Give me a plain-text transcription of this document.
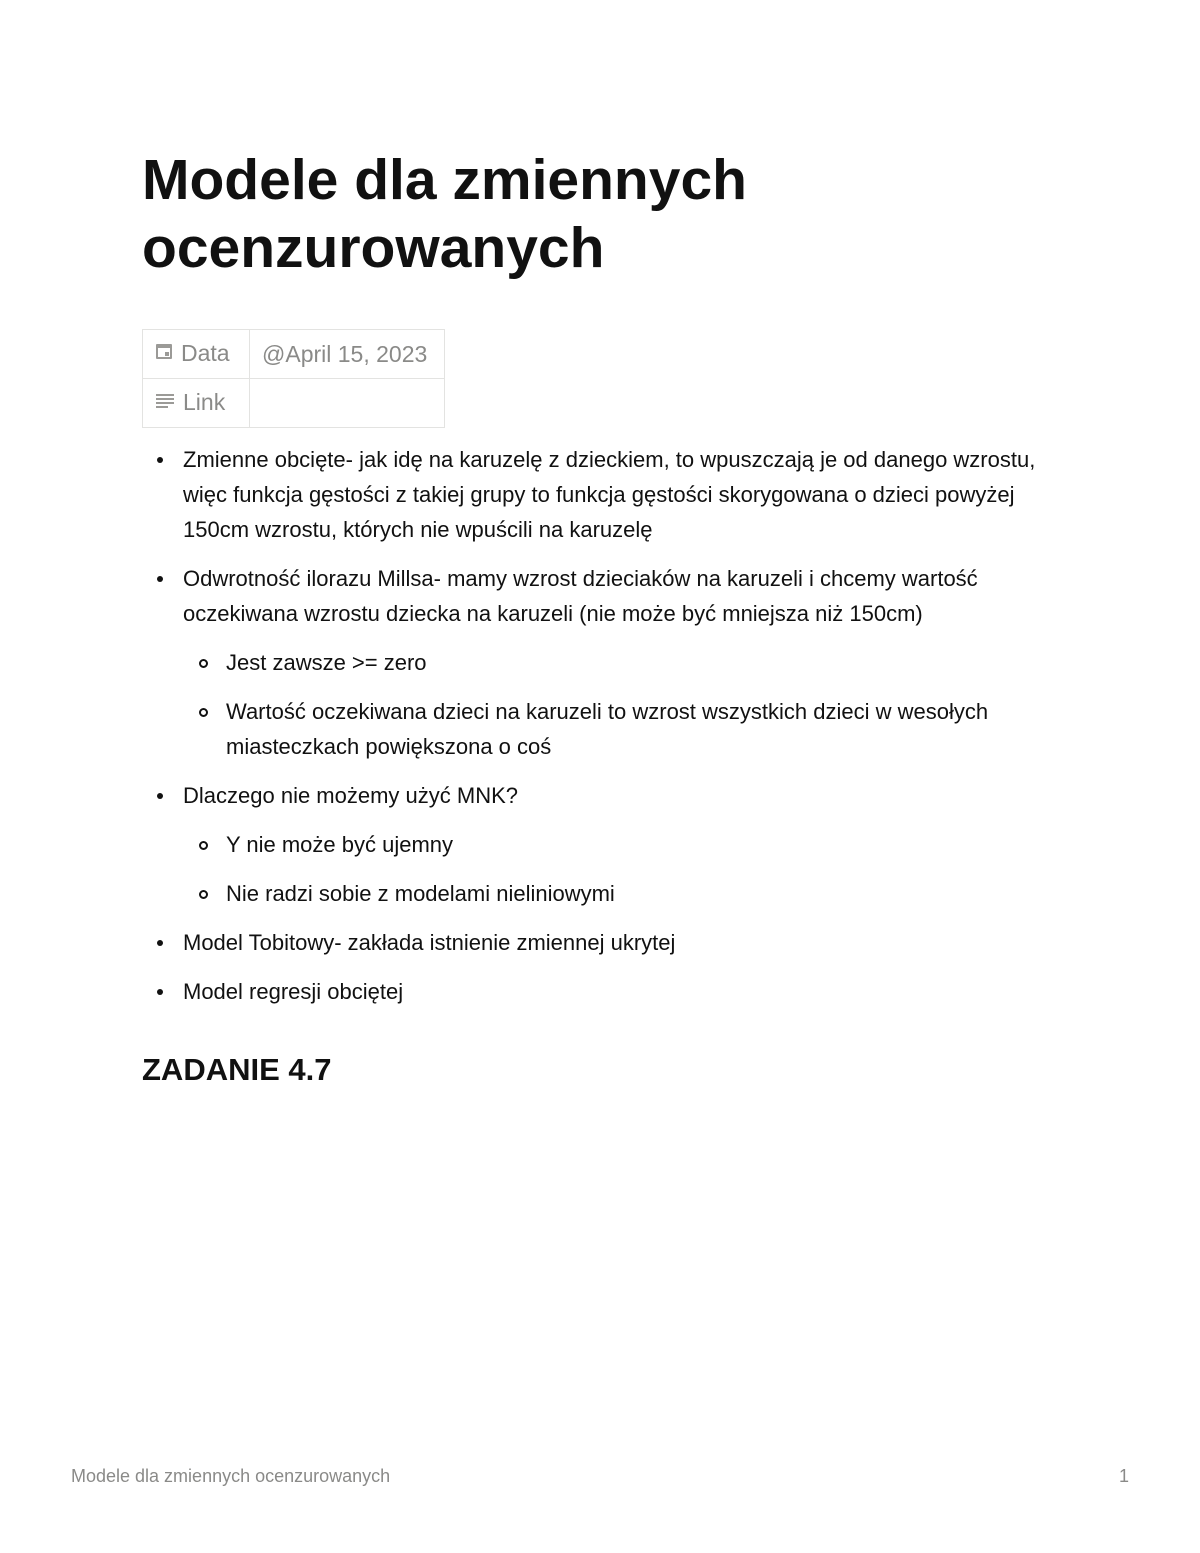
Modele dla zmiennych ocenzurowanych
Data	@April 15, 2023
Link	
Zmienne obcięte- jak idę na karuzelę z dzieckiem, to wpuszczają je od danego wzrostu, więc funkcja gęstości z takiej grupy to funkcja gęstości skorygowana o dzieci powyżej 150cm wzrostu, których nie wpuścili na karuzelę
Odwrotność ilorazu Millsa- mamy wzrost dzieciaków na karuzeli i chcemy wartość oczekiwana wzrostu dziecka na karuzeli (nie może być mniejsza niż 150cm)
Jest zawsze >= zero
Wartość oczekiwana dzieci na karuzeli to wzrost wszystkich dzieci w wesołych miasteczkach powiększona o coś
Dlaczego nie możemy użyć MNK?
Y nie może być ujemny
Nie radzi sobie z modelami nieliniowymi
Model Tobitowy- zakłada istnienie zmiennej ukrytej
Model regresji obciętej
ZADANIE 4.7
Modele dla zmiennych ocenzurowanych	1
